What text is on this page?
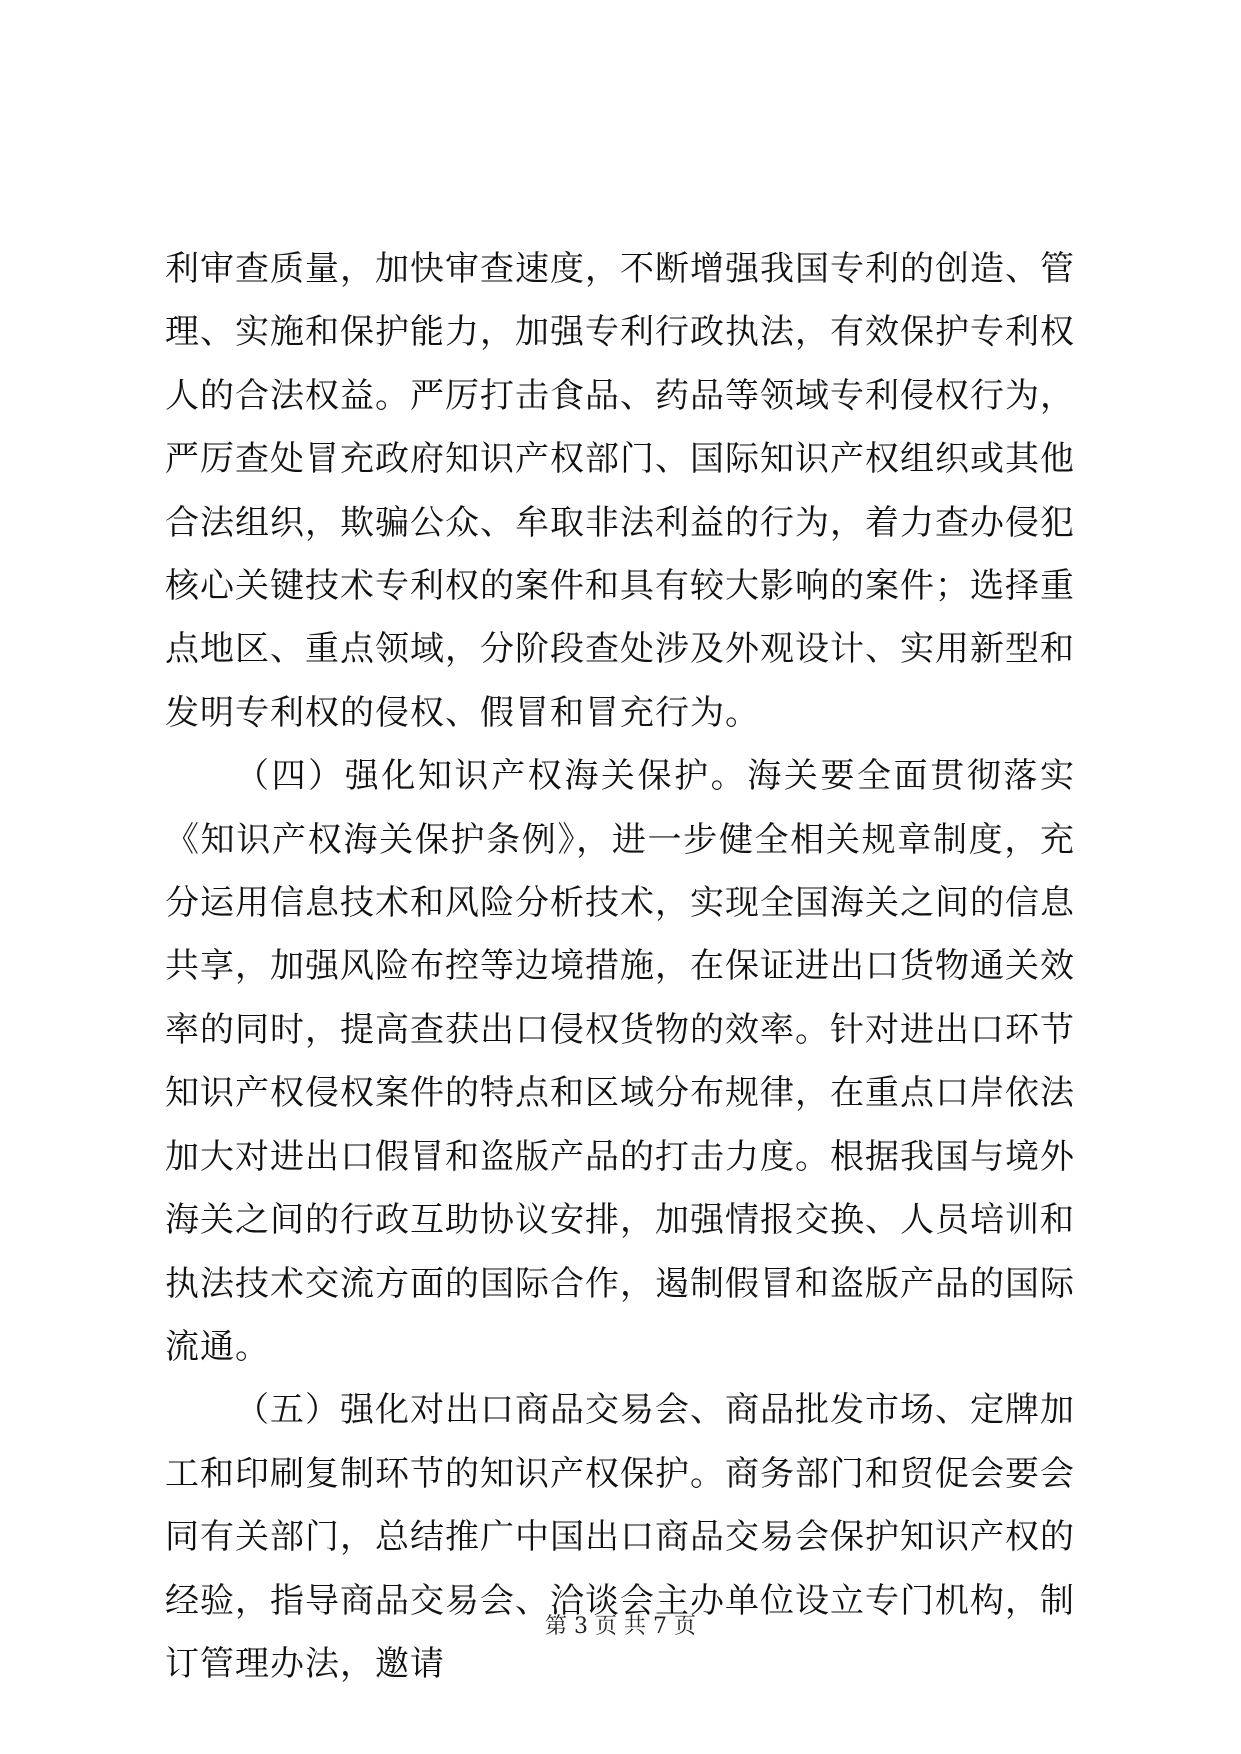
利审查质量，加快审查速度，不断增强我国专利的创造、管理、实施和保护能力，加强专利行政执法，有效保护专利权人的合法权益。严厉打击食品、药品等领域专利侵权行为，严厉查处冒充政府知识产权部门、国际知识产权组织或其他合法组织，欺骗公众、牟取非法利益的行为，着力查办侵犯核心关键技术专利权的案件和具有较大影响的案件；选择重点地区、重点领域，分阶段查处涉及外观设计、实用新型和发明专利权的侵权、假冒和冒充行为。

（四）强化知识产权海关保护。海关要全面贯彻落实《知识产权海关保护条例》，进一步健全相关规章制度，充分运用信息技术和风险分析技术，实现全国海关之间的信息共享，加强风险布控等边境措施，在保证进出口货物通关效率的同时，提高查获出口侵权货物的效率。针对进出口环节知识产权侵权案件的特点和区域分布规律，在重点口岸依法加大对进出口假冒和盗版产品的打击力度。根据我国与境外海关之间的行政互助协议安排，加强情报交换、人员培训和执法技术交流方面的国际合作，遏制假冒和盗版产品的国际流通。

（五）强化对出口商品交易会、商品批发市场、定牌加工和印刷复制环节的知识产权保护。商务部门和贸促会要会同有关部门，总结推广中国出口商品交易会保护知识产权的经验，指导商品交易会、洽谈会主办单位设立专门机构，制订管理办法，邀请

第 3 页 共 7 页
